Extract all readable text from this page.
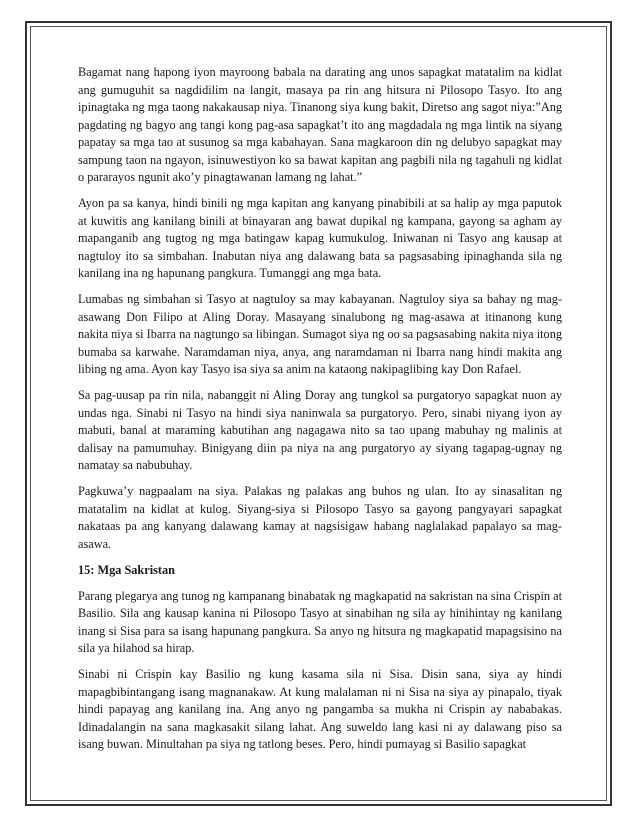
Bagamat nang hapong iyon mayroong babala na darating ang unos sapagkat matatalim na kidlat ang gumuguhit sa nagdidilim na langit, masaya pa rin ang hitsura ni Pilosopo Tasyo. Ito ang ipinagtaka ng mga taong nakakausap niya. Tinanong siya kung bakit, Diretso ang sagot niya:”Ang pagdating ng bagyo ang tangi kong pag-asa sapagkat’t ito ang magdadala ng mga lintik na siyang papatay sa mga tao at susunog sa mga kabahayan. Sana magkaroon din ng delubyo sapagkat may sampung taon na ngayon, isinuwestiyon ko sa bawat kapitan ang pagbili nila ng tagahuli ng kidlat o pararayos ngunit ako’y pinagtawanan lamang ng lahat.”

Ayon pa sa kanya, hindi binili ng mga kapitan ang kanyang pinabibili at sa halip ay mga paputok at kuwitis ang kanilang binili at binayaran ang bawat dupikal ng kampana, gayong sa agham ay mapanganib ang tugtog ng mga batingaw kapag kumukulog. Iniwanan ni Tasyo ang kausap at nagtuloy ito sa simbahan. Inabutan niya ang dalawang bata sa pagsasabing ipinaghanda sila ng kanilang ina ng hapunang pangkura. Tumanggi ang mga bata.

Lumabas ng simbahan si Tasyo at nagtuloy sa may kabayanan. Nagtuloy siya sa bahay ng mag-asawang Don Filipo at Aling Doray. Masayang sinalubong ng mag-asawa at itinanong kung nakita niya si Ibarra na nagtungo sa libingan. Sumagot siya ng oo sa pagsasabing nakita niya itong bumaba sa karwahe. Naramdaman niya, anya, ang naramdaman ni Ibarra nang hindi makita ang libing ng ama. Ayon kay Tasyo isa siya sa anim na kataong nakipaglibing kay Don Rafael.

Sa pag-uusap pa rin nila, nabanggit ni Aling Doray ang tungkol sa purgatoryo sapagkat nuon ay undas nga. Sinabi ni Tasyo na hindi siya naninwala sa purgatoryo. Pero, sinabi niyang iyon ay mabuti, banal at maraming kabutihan ang nagagawa nito sa tao upang mabuhay ng malinis at dalisay na pamumuhay. Binigyang diin pa niya na ang purgatoryo ay siyang tagapag-ugnay ng namatay sa nabubuhay.

Pagkuwa’y nagpaalam na siya. Palakas ng palakas ang buhos ng ulan. Ito ay sinasalitan ng matatalim na kidlat at kulog. Siyang-siya si Pilosopo Tasyo sa gayong pangyayari sapagkat nakataas pa ang kanyang dalawang kamay at nagsisigaw habang naglalakad papalayo sa mag-asawa.

15: Mga Sakristan

Parang plegarya ang tunog ng kampanang binabatak ng magkapatid na sakristan na sina Crispin at Basilio. Sila ang kausap kanina ni Pilosopo Tasyo at sinabihan ng sila ay hinihintay ng kanilang inang si Sisa para sa isang hapunang pangkura. Sa anyo ng hitsura ng magkapatid mapagsisino na sila ya hilahod sa hirap.

Sinabi ni Crispin kay Basilio ng kung kasama sila ni Sisa. Disin sana, siya ay hindi mapagbibintangang isang magnanakaw. At kung malalaman ni ni Sisa na siya ay pinapalo, tiyak hindi papayag ang kanilang ina. Ang anyo ng pangamba sa mukha ni Crispin ay nababakas. Idinadalangin na sana magkasakit silang lahat. Ang suweldo lang kasi ni ay dalawang piso sa isang buwan. Minultahan pa siya ng tatlong beses. Pero, hindi pumayag si Basilio sapagkat
